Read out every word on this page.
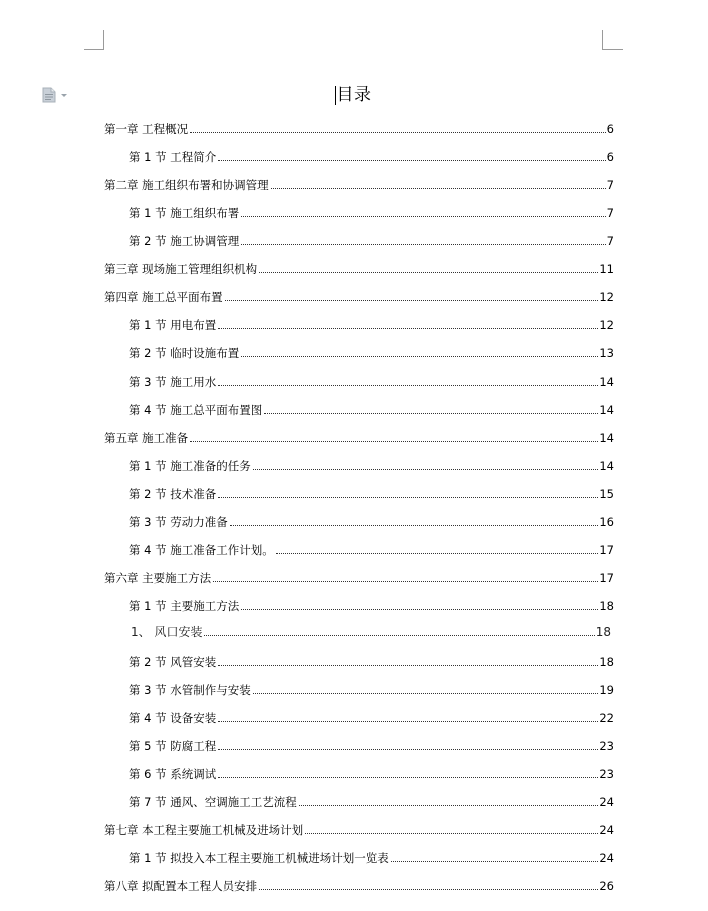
目录
第一章 工程概况	6
第 1 节 工程简介	6
第二章 施工组织布署和协调管理	7
第 1 节 施工组织布署	7
第 2 节 施工协调管理	7
第三章 现场施工管理组织机构	11
第四章 施工总平面布置	12
第 1 节 用电布置	12
第 2 节 临时设施布置	13
第 3 节 施工用水	14
第 4 节 施工总平面布置图	14
第五章 施工准备	14
第 1 节 施工准备的任务	14
第 2 节 技术准备	15
第 3 节 劳动力准备	16
第 4 节 施工准备工作计划。	17
第六章 主要施工方法	17
第 1 节 主要施工方法	18
1、 风口安装	18
第 2 节 风管安装	18
第 3 节 水管制作与安装	19
第 4 节 设备安装	22
第 5 节 防腐工程	23
第 6 节 系统调试	23
第 7 节 通风、空调施工工艺流程	24
第七章 本工程主要施工机械及进场计划	24
第 1 节 拟投入本工程主要施工机械进场计划一览表	24
第八章 拟配置本工程人员安排	26
